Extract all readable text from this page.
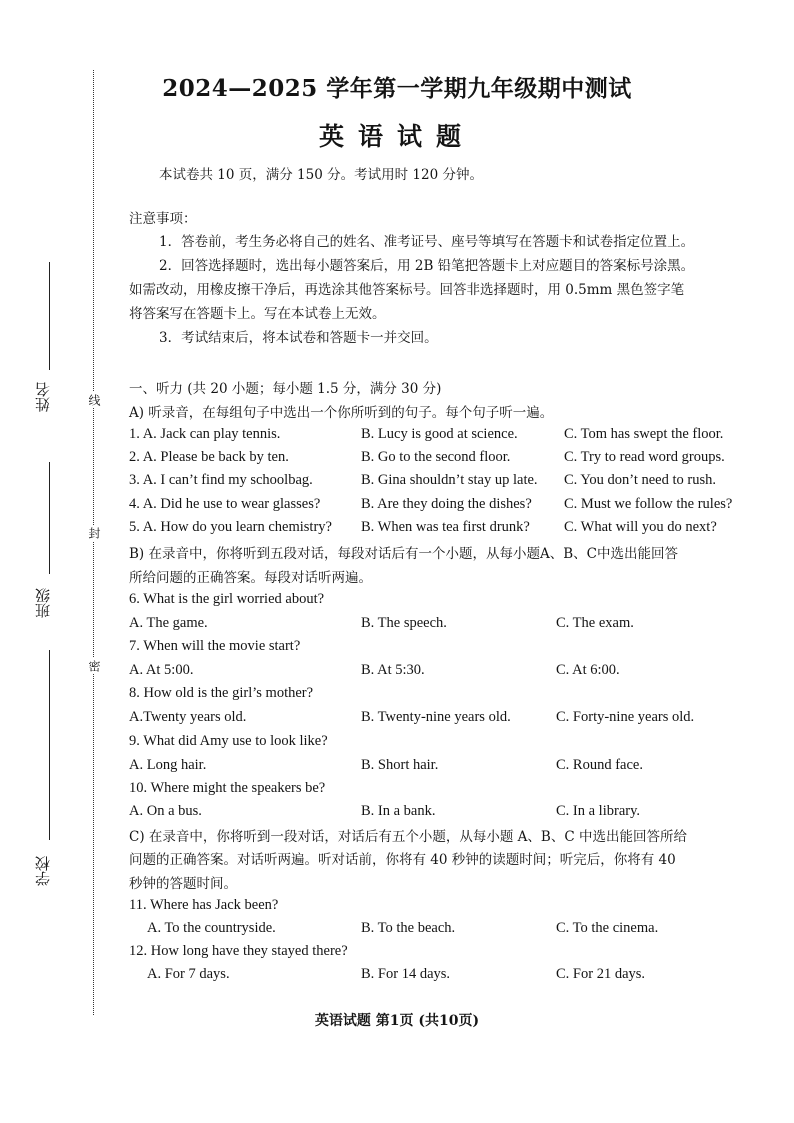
线
封
密
姓名
班级
学校
2024—2025 学年第一学期九年级期中测试
英语试题
本试卷共 10 页，满分 150 分。考试用时 120 分钟。
注意事项：
1．答卷前，考生务必将自己的姓名、准考证号、座号等填写在答题卡和试卷指定位置上。
2．回答选择题时，选出每小题答案后，用 2B 铅笔把答题卡上对应题目的答案标号涂黑。
如需改动，用橡皮擦干净后，再选涂其他答案标号。回答非选择题时，用 0.5mm 黑色签字笔
将答案写在答题卡上。写在本试卷上无效。
3．考试结束后，将本试卷和答题卡一并交回。
一、听力 (共 20 小题；每小题 1.5 分，满分 30 分)
A) 听录音，在每组句子中选出一个你所听到的句子。每个句子听一遍。
1. A. Jack can play tennis.	B. Lucy is good at science.	C. Tom has swept the floor.
2. A. Please be back by ten.	B. Go to the second floor.	C. Try to read word groups.
3. A. I can’t find my schoolbag.	B. Gina shouldn’t stay up late. C. You don’t need to rush.
4. A. Did he use to wear glasses?	B. Are they doing the dishes? C. Must we follow the rules?
5. A. How do you learn chemistry? B. When was tea first drunk? C. What will you do next?
B) 在录音中，你将听到五段对话，每段对话后有一个小题，从每小题A、B、C中选出能回答
所给问题的正确答案。每段对话听两遍。
6. What is the girl worried about?
A. The game.	B. The speech.	C. The exam.
7. When will the movie start?
A. At 5:00.	B. At 5:30.	C. At 6:00.
8. How old is the girl’s mother?
A.Twenty years old.	B. Twenty-nine years old.	C. Forty-nine years old.
9. What did Amy use to look like?
A. Long hair.	B. Short hair.	C. Round face.
10. Where might the speakers be?
A. On a bus.	B. In a bank.	C. In a library.
C) 在录音中，你将听到一段对话，对话后有五个小题，从每小题 A、B、C 中选出能回答所给
问题的正确答案。对话听两遍。听对话前，你将有 40 秒钟的读题时间；听完后，你将有 40
秒钟的答题时间。
11. Where has Jack been?
A. To the countryside.	B. To the beach.	C. To the cinema.
12. How long have they stayed there?
A. For 7 days.	B. For 14 days.	C. For 21 days.
英语试题 第1页 (共10页)
